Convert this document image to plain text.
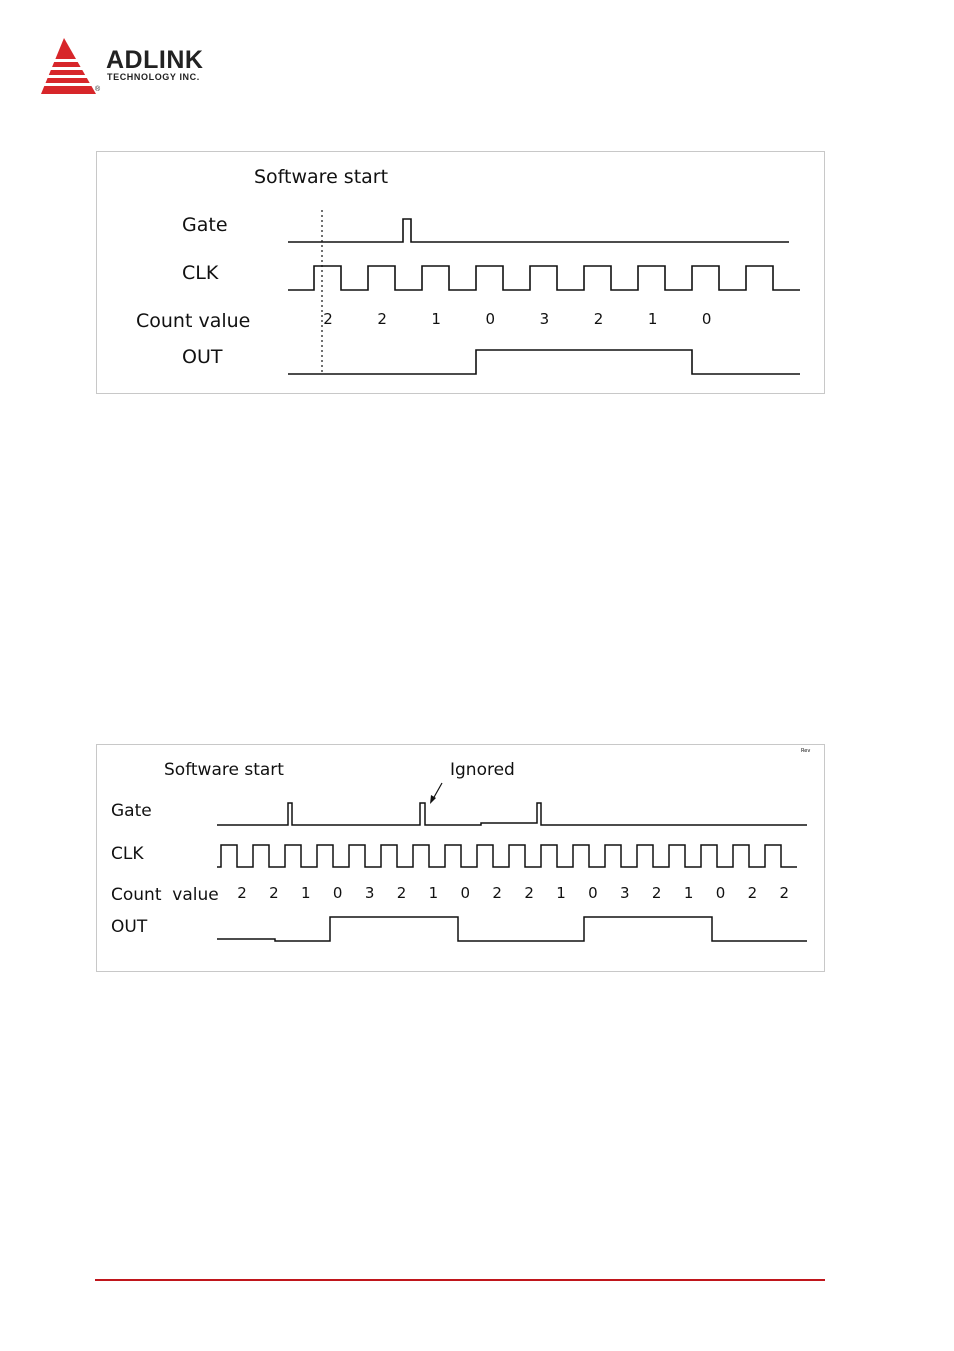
ADLINK
TECHNOLOGY INC.
®
Software start
Gate
CLK
Count value
OUT
2	2	1	0	3	2	1	0
Rev
Software start	Ignored
Gate
CLK
Count  value
OUT
2 2 1 0 3 2 1 0 2 2 1 0 3 2 1 0 2 2
